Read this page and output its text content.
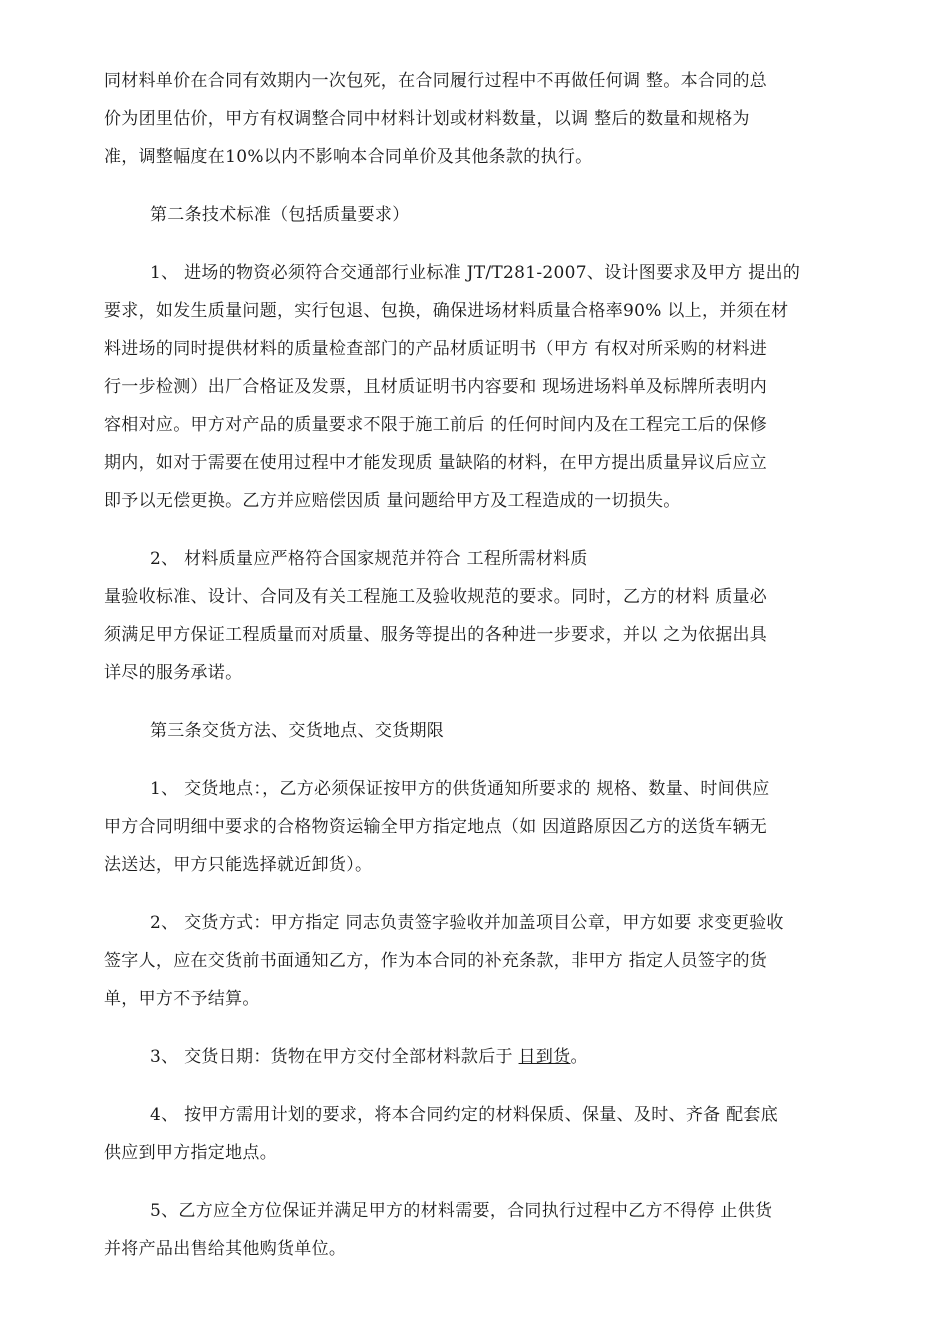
同材料单价在合同有效期内一次包死，在合同履行过程中不再做任何调 整。本合同的总
价为团里估价，甲方有权调整合同中材料计划或材料数量，以调 整后的数量和规格为
准，调整幅度在10%以内不影响本合同单价及其他条款的执行。

第二条技术标准（包括质量要求）

1、 进场的物资必须符合交通部行业标准 JT/T281-2007、设计图要求及甲方 提出的
要求，如发生质量问题，实行包退、包换，确保进场材料质量合格率90% 以上，并须在材
料进场的同时提供材料的质量检查部门的产品材质证明书（甲方 有权对所采购的材料进
行一步检测）出厂合格证及发票，且材质证明书内容要和 现场进场料单及标牌所表明内
容相对应。甲方对产品的质量要求不限于施工前后 的任何时间内及在工程完工后的保修
期内，如对于需要在使用过程中才能发现质 量缺陷的材料，在甲方提出质量异议后应立
即予以无偿更换。乙方并应赔偿因质 量问题给甲方及工程造成的一切损失。

2、 材料质量应严格符合国家规范并符合 工程所需材料质
量验收标准、设计、合同及有关工程施工及验收规范的要求。同时，乙方的材料 质量必
须满足甲方保证工程质量而对质量、服务等提出的各种进一步要求，并以 之为依据出具
详尽的服务承诺。

第三条交货方法、交货地点、交货期限

1、 交货地点：，乙方必须保证按甲方的供货通知所要求的 规格、数量、时间供应
甲方合同明细中要求的合格物资运输全甲方指定地点（如 因道路原因乙方的送货车辆无
法送达，甲方只能选择就近卸货）。

2、 交货方式：甲方指定 同志负责签字验收并加盖项目公章，甲方如要 求变更验收
签字人，应在交货前书面通知乙方，作为本合同的补充条款，非甲方 指定人员签字的货
单，甲方不予结算。

3、 交货日期：货物在甲方交付全部材料款后于 日到货。

4、 按甲方需用计划的要求，将本合同约定的材料保质、保量、及时、齐备 配套底
供应到甲方指定地点。

5、乙方应全方位保证并满足甲方的材料需要，合同执行过程中乙方不得停 止供货
并将产品出售给其他购货单位。
